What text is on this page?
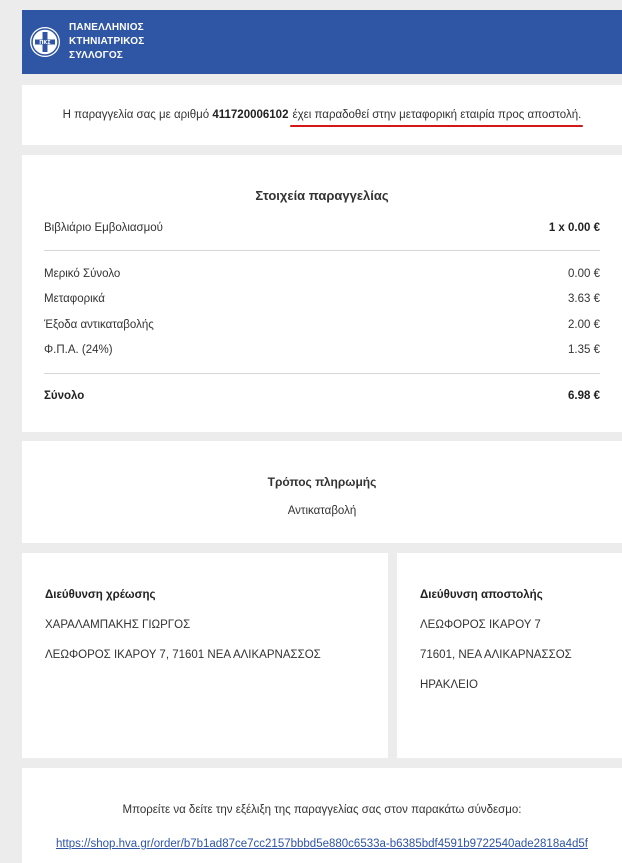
ΠΚΣ
ΠΑΝΕΛΛΗΝΙΟΣ
ΚΤΗΝΙΑΤΡΙΚΟΣ
ΣΥΛΛΟΓΟΣ
Η παραγγελία σας με αριθμό
411720006102 έχει παραδοθεί στην μεταφορική εταιρία προς αποστολή.
Στοιχεία παραγγελίας
Βιβλιάριο Εμβολιασμού	1 x 0.00 €
Μερικό Σύνολο	0.00 €
Μεταφορικά	3.63 €
Έξοδα αντικαταβολής	2.00 €
Φ.Π.Α. (24%)	1.35 €
Σύνολο	6.98 €
Τρόπος πληρωμής
Αντικαταβολή
Διεύθυνση χρέωσης
ΧΑΡΑΛΑΜΠΑΚΗΣ ΓΙΩΡΓΟΣ
ΛΕΩΦΟΡΟΣ ΙΚΑΡΟΥ 7, 71601 ΝΕΑ ΑΛΙΚΑΡΝΑΣΣΟΣ
Διεύθυνση αποστολής
ΛΕΩΦΟΡΟΣ ΙΚΑΡΟΥ 7
71601, ΝΕΑ ΑΛΙΚΑΡΝΑΣΣΟΣ
ΗΡΑΚΛΕΙΟ
Μπορείτε να δείτε την εξέλιξη της παραγγελίας σας στον παρακάτω σύνδεσμο:
https://shop.hva.gr/order/b7b1ad87ce7cc2157bbbd5e880c6533a-b6385bdf4591b9722540ade2818a4d5f
